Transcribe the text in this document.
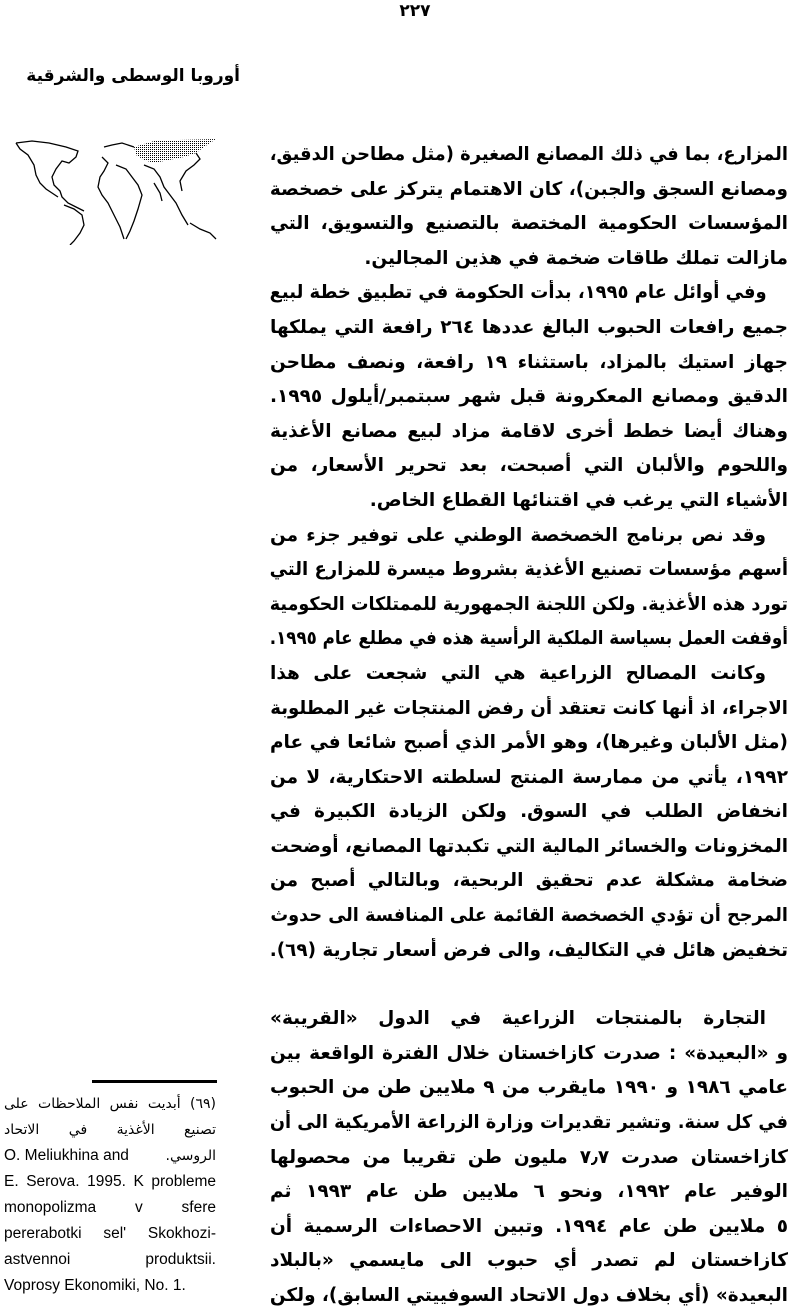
٢٢٧
أوروبا الوسطى والشرقية
المزارع، بما في ذلك المصانع الصغيرة (مثل مطاحن الدقيق،
ومصانع السجق والجبن)، كان الاهتمام يتركز على خصخصة
المؤسسات الحكومية المختصة بالتصنيع والتسويق، التي
مازالت تملك طاقات ضخمة في هذين المجالين.
وفي أوائل عام ١٩٩٥، بدأت الحكومة في تطبيق خطة لبيع
جميع رافعات الحبوب البالغ عددها ٢٦٤ رافعة التي يملكها
جهاز استيك بالمزاد، باستثناء ١٩ رافعة، ونصف مطاحن
الدقيق ومصانع المعكرونة قبل شهر سبتمبر/أيلول ١٩٩٥.
وهناك أيضا خطط أخرى لاقامة مزاد لبيع مصانع الأغذية
واللحوم والألبان التي أصبحت، بعد تحرير الأسعار، من
الأشياء التي يرغب في اقتنائها القطاع الخاص.
وقد نص برنامج الخصخصة الوطني على توفير جزء من
أسهم مؤسسات تصنيع الأغذية بشروط ميسرة للمزارع التي
تورد هذه الأغذية. ولكن اللجنة الجمهورية للممتلكات الحكومية
أوقفت العمل بسياسة الملكية الرأسية هذه في مطلع عام ١٩٩٥.
وكانت المصالح الزراعية هي التي شجعت على هذا
الاجراء، اذ أنها كانت تعتقد أن رفض المنتجات غير المطلوبة
(مثل الألبان وغيرها)، وهو الأمر الذي أصبح شائعا في عام
١٩٩٢، يأتي من ممارسة المنتج لسلطته الاحتكارية، لا من
انخفاض الطلب في السوق. ولكن الزيادة الكبيرة في
المخزونات والخسائر المالية التي تكبدتها المصانع، أوضحت
ضخامة مشكلة عدم تحقيق الربحية، وبالتالي أصبح من
المرجح أن تؤدي الخصخصة القائمة على المنافسة الى حدوث
تخفيض هائل في التكاليف، والى فرض أسعار تجارية (٦٩).
التجارة بالمنتجات الزراعية في الدول «القريبة»
و «البعيدة» : صدرت كازاخستان خلال الفترة الواقعة بين
عامي ١٩٨٦ و ١٩٩٠ مايقرب من ٩ ملايين طن من الحبوب
في كل سنة. وتشير تقديرات وزارة الزراعة الأمريكية الى أن
كازاخستان صدرت ٧٫٧ مليون طن تقريبا من محصولها
الوفير عام ١٩٩٢، ونحو ٦ ملايين طن عام ١٩٩٣ ثم
٥ ملايين طن عام ١٩٩٤. وتبين الاحصاءات الرسمية أن
كازاخستان لم تصدر أي حبوب الى مايسمي «بالبلاد
البعيدة» (أي بخلاف دول الاتحاد السوفييتي السابق)، ولكن
(٦٩) أبديت نفس الملاحظات على
تصنيع الأغذية في الاتحاد
O. Meliukhina and	الروسي.
E. Serova. 1995. K probleme
monopolizma v sfere
pererabotki sel' Skokhozi-
astvennoi produktsii.
Voprosy Ekonomiki, No. 1.
